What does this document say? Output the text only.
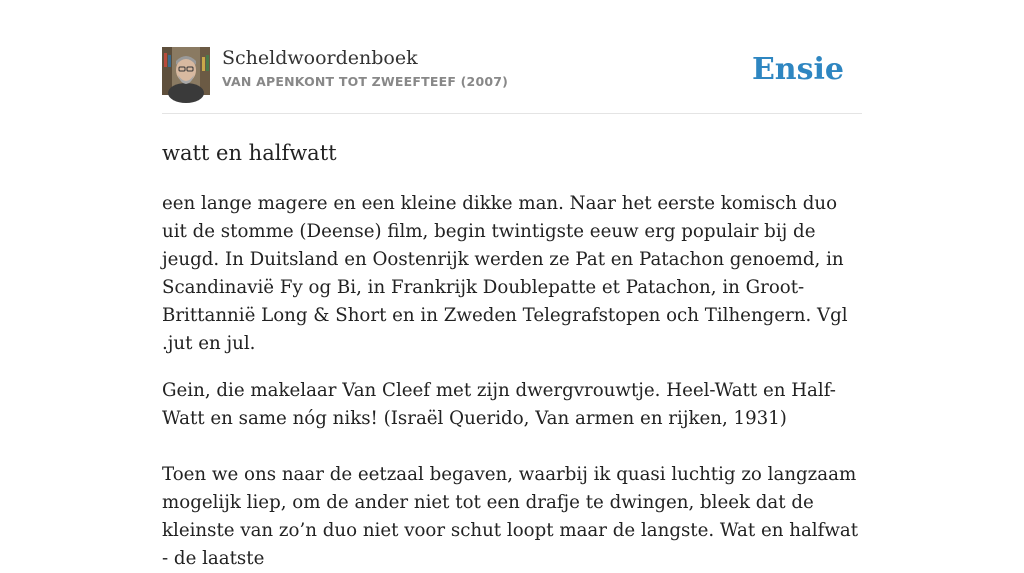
Scheldwoordenboek
VAN APENKONT TOT ZWEEFTEEF (2007)	Ensie
watt en halfwatt

een lange magere en een kleine dikke man. Naar het eerste komisch duo uit de stomme (Deense) film, begin twintigste eeuw erg populair bij de jeugd. In Duitsland en Oostenrijk werden ze Pat en Patachon genoemd, in Scandinavië Fy og Bi, in Frankrijk Doublepatte et Patachon, in Groot-Brittannië Long & Short en in Zweden Telegrafstopen och Tilhengern. Vgl .jut en jul.

Gein, die makelaar Van Cleef met zijn dwergvrouwtje. Heel-Watt en Half-Watt en same nóg niks! (Israël Querido, Van armen en rijken, 1931)

Toen we ons naar de eetzaal begaven, waarbij ik quasi luchtig zo langzaam mogelijk liep, om de ander niet tot een drafje te dwingen, bleek dat de kleinste van zo’n duo niet voor schut loopt maar de langste. Wat en halfwat - de laatste
